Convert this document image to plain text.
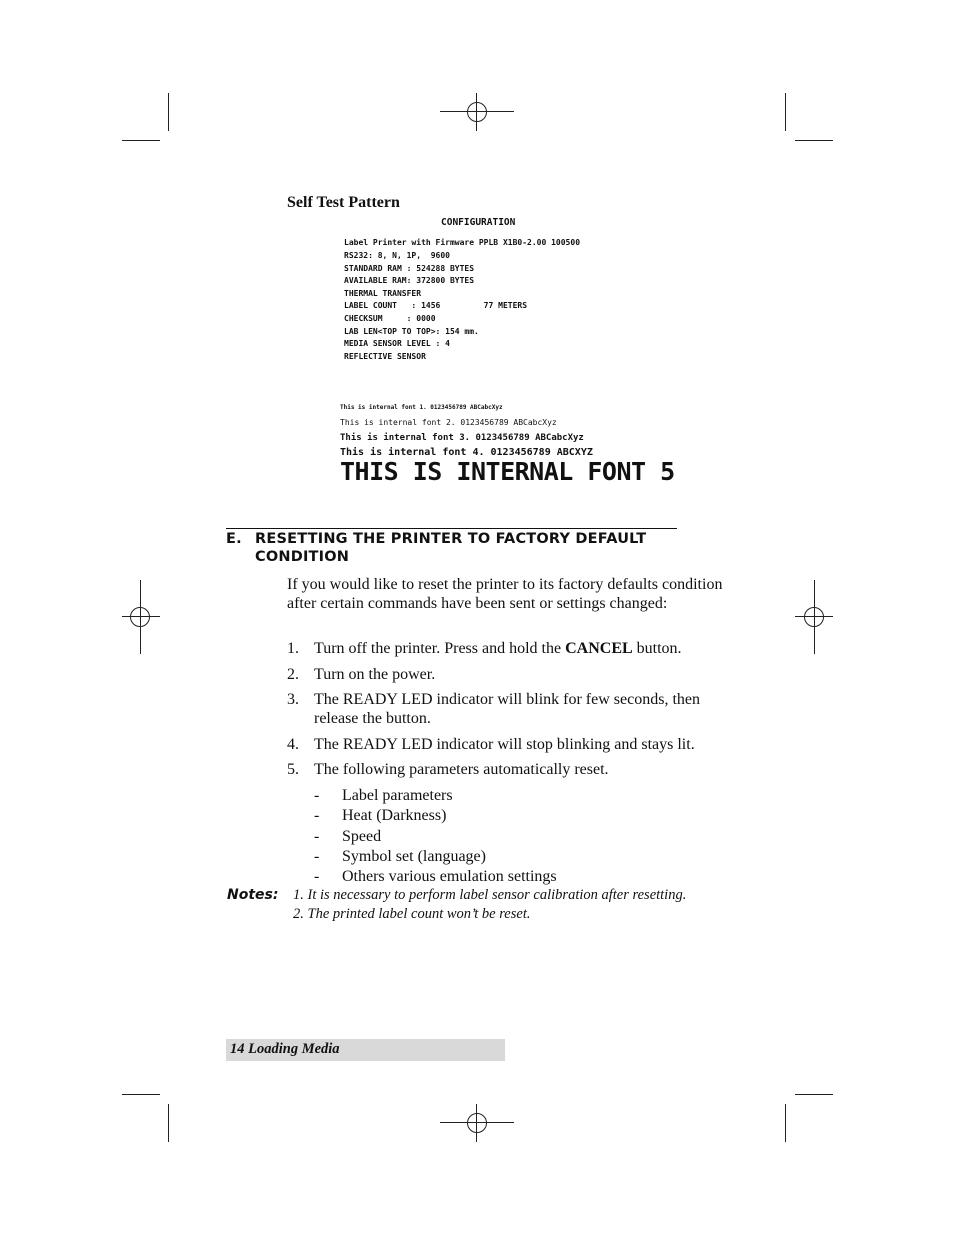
Self Test Pattern
CONFIGURATION
Label Printer with Firmware PPLB X1B0-2.00 100500
RS232: 8, N, 1P,  9600
STANDARD RAM : 524288 BYTES
AVAILABLE RAM: 372800 BYTES
THERMAL TRANSFER
LABEL COUNT   : 1456         77 METERS
CHECKSUM     : 0000
LAB LEN<TOP TO TOP>: 154 mm.
MEDIA SENSOR LEVEL : 4
REFLECTIVE SENSOR
This is internal font 1. 0123456789 ABCabcXyz
This is internal font 2. 0123456789 ABCabcXyz
This is internal font 3. 0123456789 ABCabcXyz
This is internal font 4. 0123456789 ABCXYZ
THIS IS INTERNAL FONT 5
E. RESETTING THE PRINTER TO FACTORY DEFAULT CONDITION
If you would like to reset the printer to its factory defaults condition after certain commands have been sent or settings changed:
1. Turn off the printer. Press and hold the CANCEL button.
2. Turn on the power.
3. The READY LED indicator will blink for few seconds, then release the button.
4. The READY LED indicator will stop blinking and stays lit.
5. The following parameters automatically reset.
- Label parameters
- Heat (Darkness)
- Speed
- Symbol set (language)
- Others various emulation settings
Notes: 1. It is necessary to perform label sensor calibration after resetting.
2. The printed label count won’t be reset.
14 Loading Media
